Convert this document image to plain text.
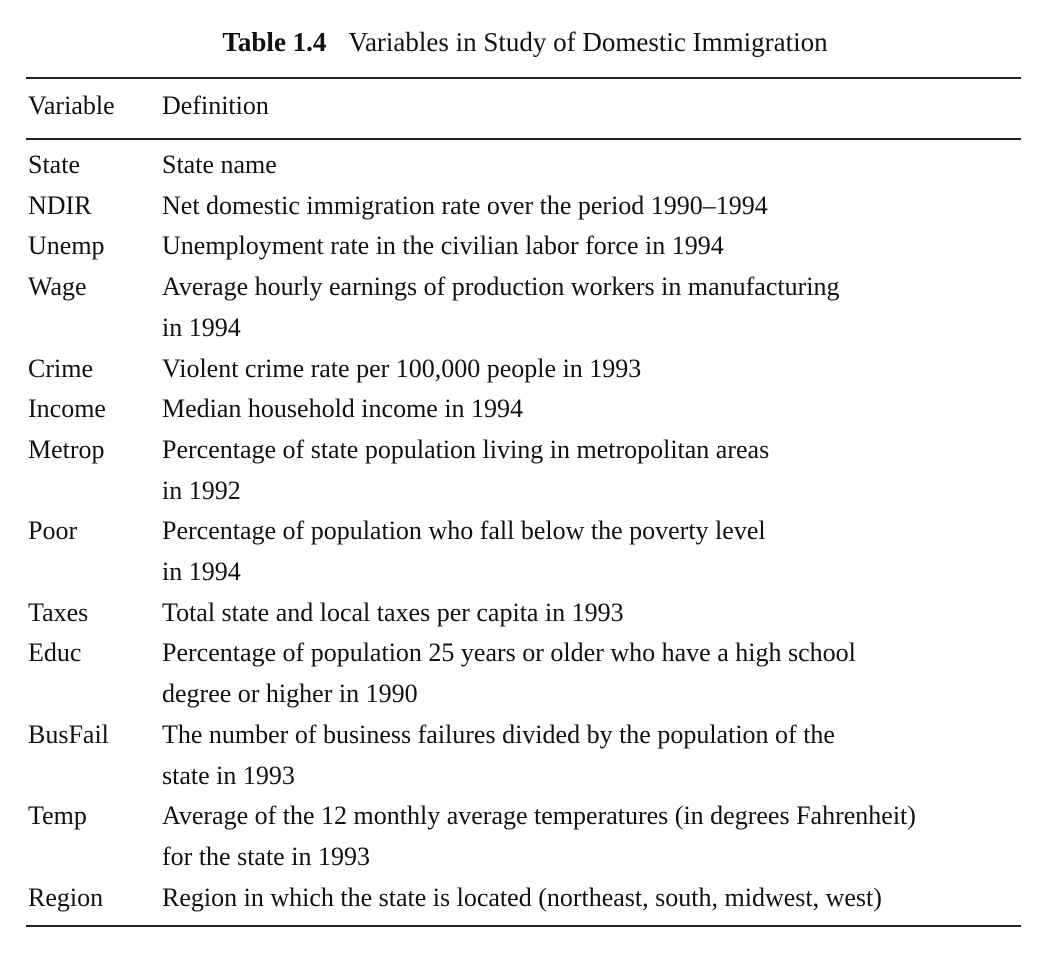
Table 1.4 Variables in Study of Domestic Immigration
Variable Definition
State	State name
NDIR	Net domestic immigration rate over the period 1990–1994
Unemp Unemployment rate in the civilian labor force in 1994
Wage	Average hourly earnings of production workers in manufacturing
in 1994
Crime	Violent crime rate per 100,000 people in 1993
Income Median household income in 1994
Metrop Percentage of state population living in metropolitan areas
in 1992
Poor	Percentage of population who fall below the poverty level
in 1994
Taxes	Total state and local taxes per capita in 1993
Educ	Percentage of population 25 years or older who have a high school
degree or higher in 1990
BusFail The number of business failures divided by the population of the
state in 1993
Temp	Average of the 12 monthly average temperatures (in degrees Fahrenheit)
for the state in 1993
Region Region in which the state is located (northeast, south, midwest, west)
